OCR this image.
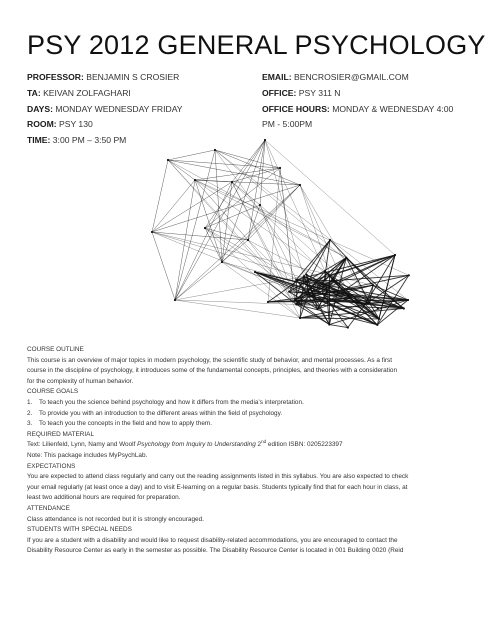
PSY 2012 GENERAL PSYCHOLOGY
PROFESSOR: BENJAMIN S CROSIER
TA: KEIVAN ZOLFAGHARI
DAYS: MONDAY WEDNESDAY FRIDAY
ROOM: PSY 130
TIME: 3:00 PM – 3:50 PM
EMAIL: BENCROSIER@GMAIL.COM
OFFICE: PSY 311 N
OFFICE HOURS: MONDAY & WEDNESDAY 4:00
PM - 5:00PM
COURSE OUTLINE

This course is an overview of major topics in modern psychology, the scientific study of behavior, and mental processes. As a first

course in the discipline of psychology, it introduces some of the fundamental concepts, principles, and theories with a consideration

for the complexity of human behavior.

COURSE GOALS
1.	To teach you the science behind psychology and how it differs from the media’s interpretation.
2.	To provide you with an introduction to the different areas within the field of psychology.
3.	To teach you the concepts in the field and how to apply them.
REQUIRED MATERIAL

Text: Lilienfeld, Lynn, Namy and Woolf Psychology from Inquiry to Understanding 2nd edition ISBN: 0205223397

Note: This package includes MyPsychLab.

EXPECTATIONS

You are expected to attend class regularly and carry out the reading assignments listed in this syllabus. You are also expected to check

your email regularly (at least once a day) and to visit E-learning on a regular basis. Students typically find that for each hour in class, at

least two additional hours are required for preparation.

ATTENDANCE

Class attendance is not recorded but it is strongly encouraged.

STUDENTS WITH SPECIAL NEEDS

If you are a student with a disability and would like to request disability-related accommodations, you are encouraged to contact the

Disability Resource Center as early in the semester as possible. The Disability Resource Center is located in 001 Building 0020 (Reid
